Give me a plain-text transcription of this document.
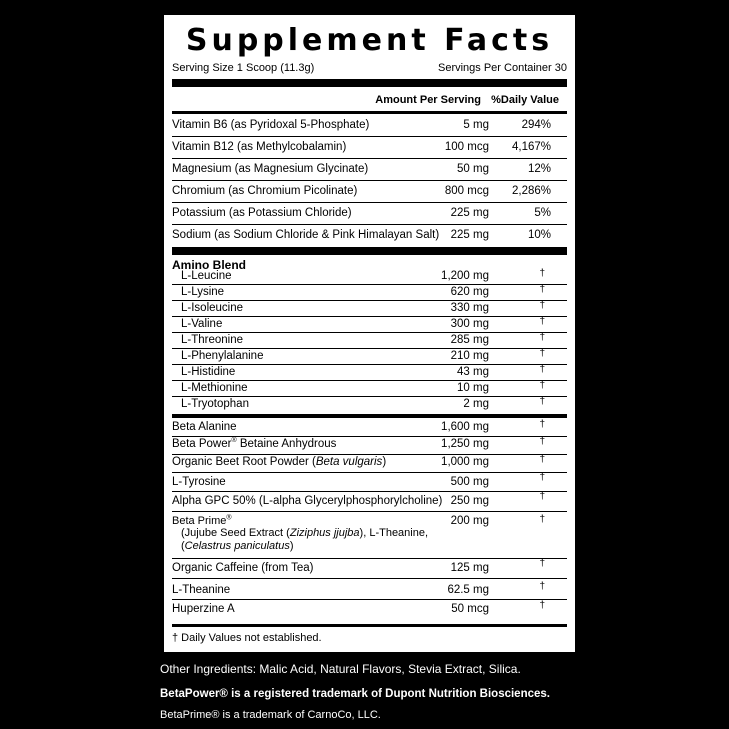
Supplement Facts
Serving Size 1 Scoop (11.3g)	Servings Per Container 30
Amount Per Serving %Daily Value
Vitamin B6 (as Pyridoxal 5-Phosphate)	5 mg	294%
Vitamin B12 (as Methylcobalamin)	100 mcg 4,167%
Magnesium (as Magnesium Glycinate)	50 mg	12%
Chromium (as Chromium Picolinate)	800 mcg 2,286%
Potassium (as Potassium Chloride)	225 mg	5%
Sodium (as Sodium Chloride & Pink Himalayan Salt) 225 mg	10%
Amino Blend
L-Leucine	1,200 mg	†
L-Lysine	620 mg	†
L-Isoleucine	330 mg	†
L-Valine	300 mg	†
L-Threonine	285 mg	†
L-Phenylalanine	210 mg	†
L-Histidine	43 mg	†
L-Methionine	10 mg	†
L-Tryotophan	2 mg	†
Beta Alanine	1,600 mg	†
Beta Power® Betaine Anhydrous	1,250 mg	†
Organic Beet Root Powder (Beta vulgaris)	1,000 mg	†
L-Tyrosine	500 mg	†
Alpha GPC 50% (L-alpha Glycerylphosphorylcholine) 250 mg	†
Beta Prime®
(Jujube Seed Extract (Ziziphus jjujba), L-Theanine,
(Celastrus paniculatus)
200 mg	†
Organic Caffeine (from Tea)	125 mg	†
L-Theanine	62.5 mg	†
Huperzine A	50 mcg	†
† Daily Values not established.
Other Ingredients: Malic Acid, Natural Flavors, Stevia Extract, Silica.
BetaPower® is a registered trademark of Dupont Nutrition Biosciences.
BetaPrime® is a trademark of CarnoCo, LLC.
